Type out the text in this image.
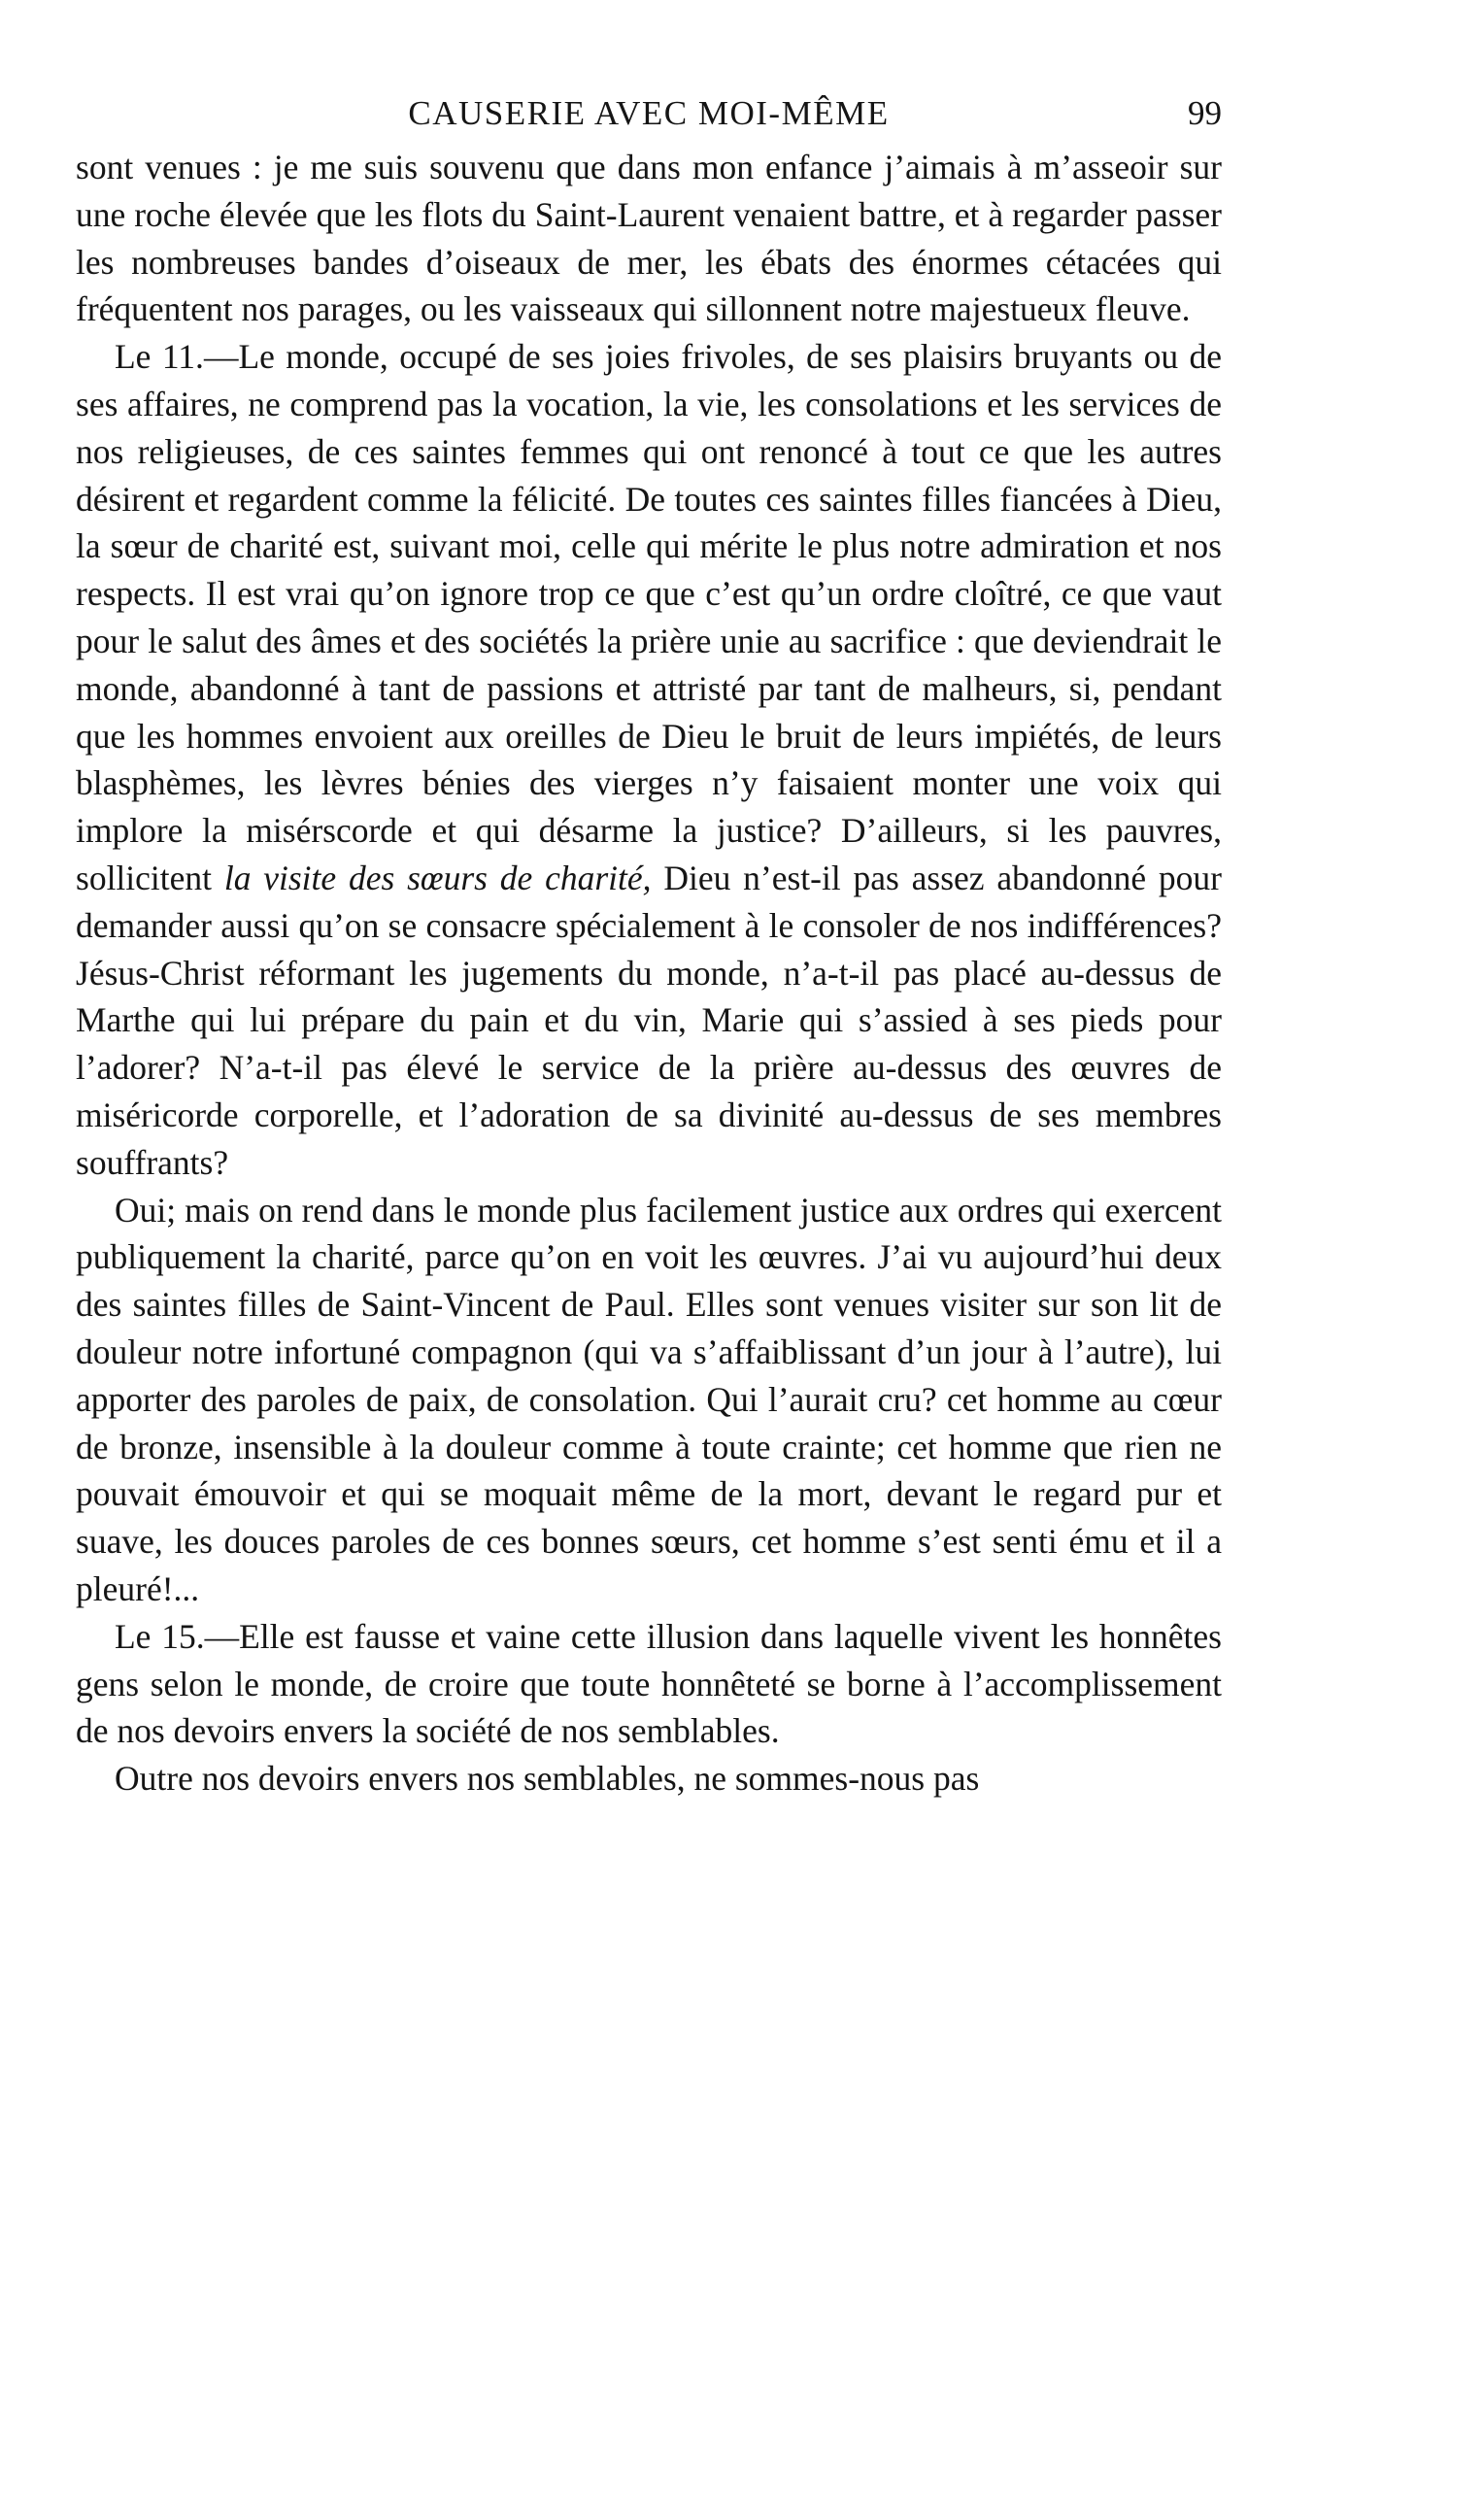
CAUSERIE AVEC MOI-MÊME	99

sont venues : je me suis souvenu que dans mon enfance j’aimais à m’asseoir sur une roche élevée que les flots du Saint-Laurent venaient battre, et à regarder passer les nombreuses bandes d’oiseaux de mer, les ébats des énormes cétacées qui fréquentent nos parages, ou les vaisseaux qui sillonnent notre majestueux fleuve.

Le 11.—Le monde, occupé de ses joies frivoles, de ses plaisirs bruyants ou de ses affaires, ne comprend pas la vocation, la vie, les consolations et les services de nos religieuses, de ces saintes femmes qui ont renoncé à tout ce que les autres désirent et regardent comme la félicité. De toutes ces saintes filles fiancées à Dieu, la sœur de charité est, suivant moi, celle qui mérite le plus notre admiration et nos respects. Il est vrai qu’on ignore trop ce que c’est qu’un ordre cloîtré, ce que vaut pour le salut des âmes et des sociétés la prière unie au sacrifice : que deviendrait le monde, abandonné à tant de passions et attristé par tant de malheurs, si, pendant que les hommes envoient aux oreilles de Dieu le bruit de leurs impiétés, de leurs blasphèmes, les lèvres bénies des vierges n’y faisaient monter une voix qui implore la misérscorde et qui désarme la justice? D’ailleurs, si les pauvres, sollicitent la visite des sœurs de charité, Dieu n’est-il pas assez abandonné pour demander aussi qu’on se consacre spécialement à le consoler de nos indifférences? Jésus-Christ réformant les jugements du monde, n’a-t-il pas placé au-dessus de Marthe qui lui prépare du pain et du vin, Marie qui s’assied à ses pieds pour l’adorer? N’a-t-il pas élevé le service de la prière au-dessus des œuvres de miséricorde corporelle, et l’adoration de sa divinité au-dessus de ses membres souffrants?

Oui; mais on rend dans le monde plus facilement justice aux ordres qui exercent publiquement la charité, parce qu’on en voit les œuvres. J’ai vu aujourd’hui deux des saintes filles de Saint-Vincent de Paul. Elles sont venues visiter sur son lit de douleur notre infortuné compagnon (qui va s’affaiblissant d’un jour à l’autre), lui apporter des paroles de paix, de consolation. Qui l’aurait cru? cet homme au cœur de bronze, insensible à la douleur comme à toute crainte; cet homme que rien ne pouvait émouvoir et qui se moquait même de la mort, devant le regard pur et suave, les douces paroles de ces bonnes sœurs, cet homme s’est senti ému et il a pleuré!...

Le 15.—Elle est fausse et vaine cette illusion dans laquelle vivent les honnêtes gens selon le monde, de croire que toute honnêteté se borne à l’accomplissement de nos devoirs envers la société de nos semblables.

Outre nos devoirs envers nos semblables, ne sommes-nous pas
